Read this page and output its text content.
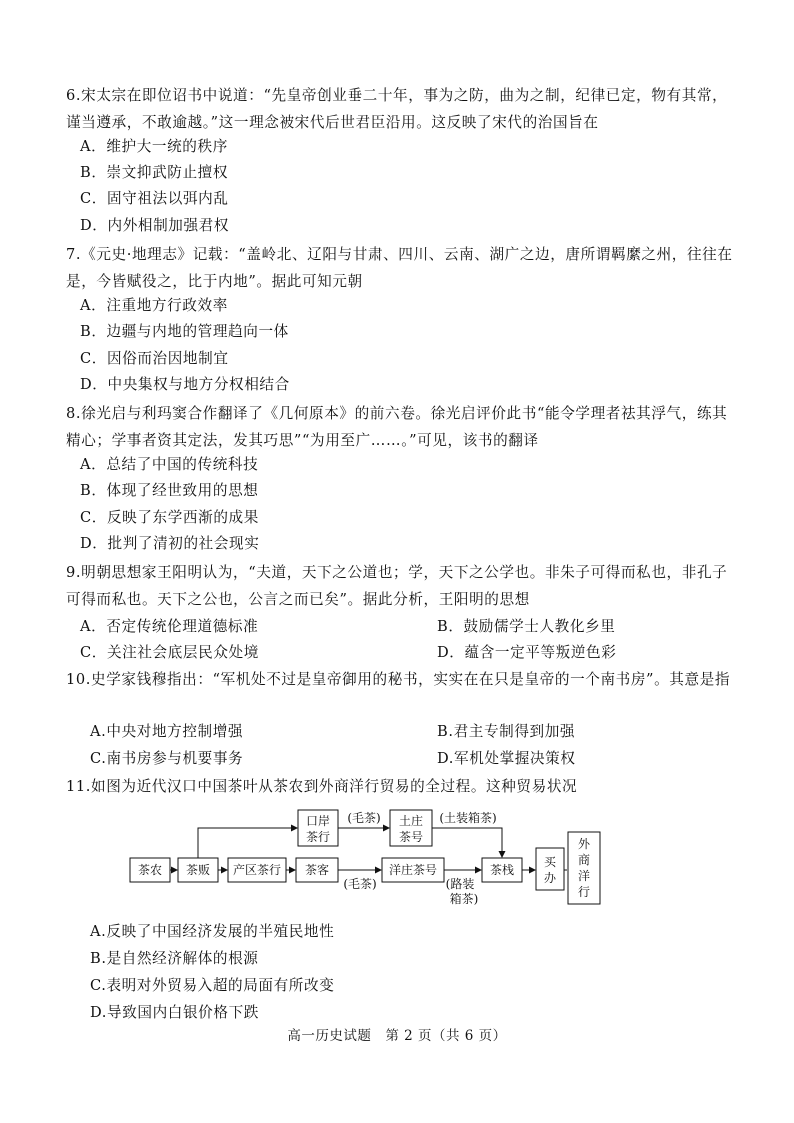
6.宋太宗在即位诏书中说道：“先皇帝创业垂二十年，事为之防，曲为之制，纪律已定，物有其常，谨当遵承，不敢逾越。”这一理念被宋代后世君臣沿用。这反映了宋代的治国旨在
A．维护大一统的秩序
B．崇文抑武防止擅权
C．固守祖法以弭内乱
D．内外相制加强君权
7.《元史·地理志》记载：“盖岭北、辽阳与甘肃、四川、云南、湖广之边，唐所谓羁縻之州，往往在是，今皆赋役之，比于内地”。据此可知元朝
A．注重地方行政效率
B．边疆与内地的管理趋向一体
C．因俗而治因地制宜
D．中央集权与地方分权相结合
8.徐光启与利玛窦合作翻译了《几何原本》的前六卷。徐光启评价此书“能令学理者祛其浮气，练其精心；学事者资其定法，发其巧思”“为用至广……。”可见，该书的翻译
A．总结了中国的传统科技
B．体现了经世致用的思想
C．反映了东学西渐的成果
D．批判了清初的社会现实
9.明朝思想家王阳明认为，“夫道，天下之公道也；学，天下之公学也。非朱子可得而私也，非孔子可得而私也。天下之公也，公言之而已矣”。据此分析，王阳明的思想
A．否定传统伦理道德标准	B．鼓励儒学士人教化乡里
C．关注社会底层民众处境	D．蕴含一定平等叛逆色彩
10.史学家钱穆指出：“军机处不过是皇帝御用的秘书，实实在在只是皇帝的一个南书房”。其意是指
A.中央对地方控制增强	B.君主专制得到加强
C.南书房参与机要事务	D.军机处掌握决策权
11.如图为近代汉口中国茶叶从茶农到外商洋行贸易的全过程。这种贸易状况
茶农 茶贩 产区茶行 茶客
口岸
茶行
土庄
茶号
洋庄茶号	茶栈
买
办
外
商
洋
行
(毛茶)
(毛茶)
(土装箱茶)
(路装
箱茶)
A.反映了中国经济发展的半殖民地性
B.是自然经济解体的根源
C.表明对外贸易入超的局面有所改变
D.导致国内白银价格下跌
高一历史试题　第 2 页（共 6 页）
